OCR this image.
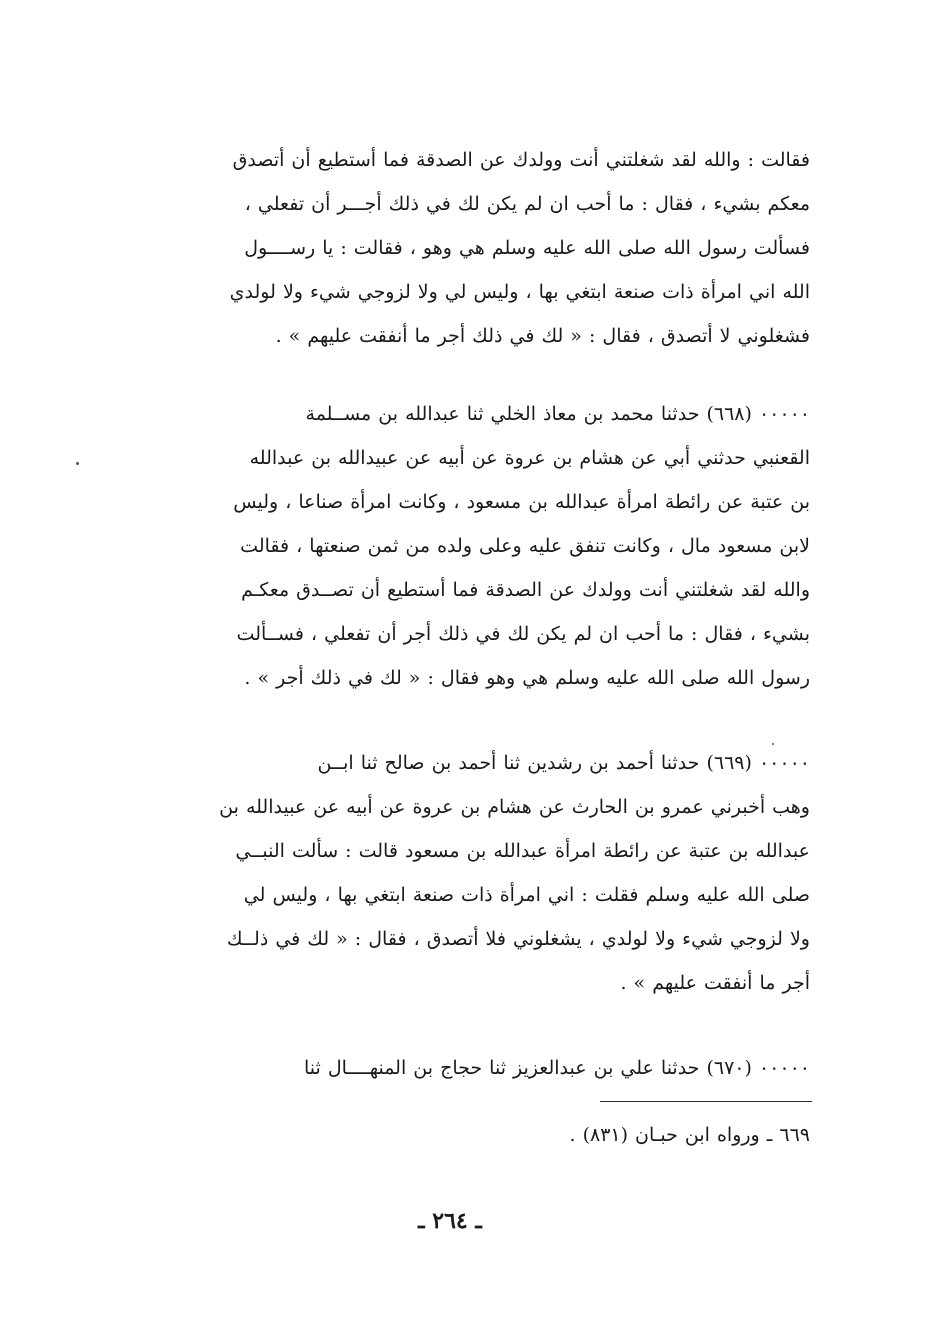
فقالت : والله لقد شغلتني أنت وولدك عن الصدقة فما أستطيع أن أتصدق
معكم بشيء ، فقال : ما أحب ان لم يكن لك في ذلك أجـــر أن تفعلي ،
فسألت رسول الله صلى الله عليه وسلم هي وهو ، فقالت : يا رســــول
الله اني امرأة ذات صنعة ابتغي بها ، وليس لي ولا لزوجي شيء ولا لولدي
فشغلوني لا أتصدق ، فقال : « لك في ذلك أجر ما أنفقت عليهم » .
٠٠٠٠٠ (٦٦٨) حدثنا محمد بن معاذ الخلي ثنا عبدالله بن مســلمة
القعنبي حدثني أبي عن هشام بن عروة عن أبيه عن عبيدالله بن عبدالله
بن عتبة عن رائطة امرأة عبدالله بن مسعود ، وكانت امرأة صناعا ، وليس
لابن مسعود مال ، وكانت تنفق عليه وعلى ولده من ثمن صنعتها ، فقالت
والله لقد شغلتني أنت وولدك عن الصدقة فما أستطيع أن تصــدق معكـم
بشيء ، فقال : ما أحب ان لم يكن لك في ذلك أجر أن تفعلي ، فســألت
رسول الله صلى الله عليه وسلم هي وهو فقال : « لك في ذلك أجر » .
٠٠٠٠٠ (٦٦٩) حدثنا أحمد بن رشدين ثنا أحمد بن صالح ثنا ابــن
وهب أخبرني عمرو بن الحارث عن هشام بن عروة عن أبيه عن عبيدالله بن
عبدالله بن عتبة عن رائطة امرأة عبدالله بن مسعود قالت : سألت النبــي
صلى الله عليه وسلم فقلت : اني امرأة ذات صنعة ابتغي بها ، وليس لي
ولا لزوجي شيء ولا لولدي ، يشغلوني فلا أتصدق ، فقال : « لك في ذلــك
أجر ما أنفقت عليهم » .
٠٠٠٠٠ (٦٧٠) حدثنا علي بن عبدالعزيز ثنا حجاج بن المنهــــال ثنا
٦٦٩ ـ ورواه ابن حبـان (٨٣١) .
ـ ٢٦٤ ـ
